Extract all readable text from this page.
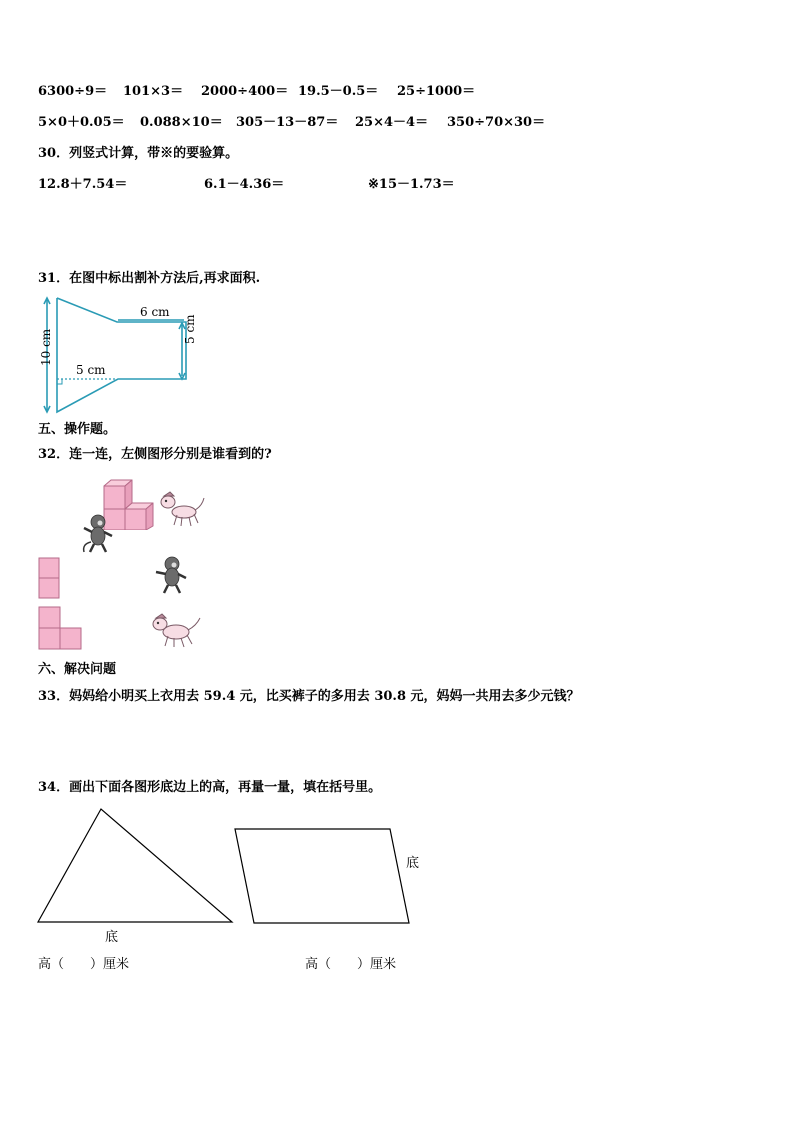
6300÷9＝ 101×3＝ 2000÷400＝ 19.5－0.5＝ 25÷1000＝
5×0＋0.05＝ 0.088×10＝ 305－13－87＝ 25×4－4＝ 350÷70×30＝
30．列竖式计算，带※的要验算。
12.8＋7.54＝	6.1－4.36＝	※15－1.73＝
31．在图中标出割补方法后,再求面积.
6 cm
5 cm
5 cm
10 cm
五、操作题。
32．连一连，左侧图形分别是谁看到的?
六、解决问题
33．妈妈给小明买上衣用去 59.4 元，比买裤子的多用去 30.8 元，妈妈一共用去多少元钱？
34．画出下面各图形底边上的高，再量一量，填在括号里。
底
底
高（　　）厘米	高（　　）厘米
